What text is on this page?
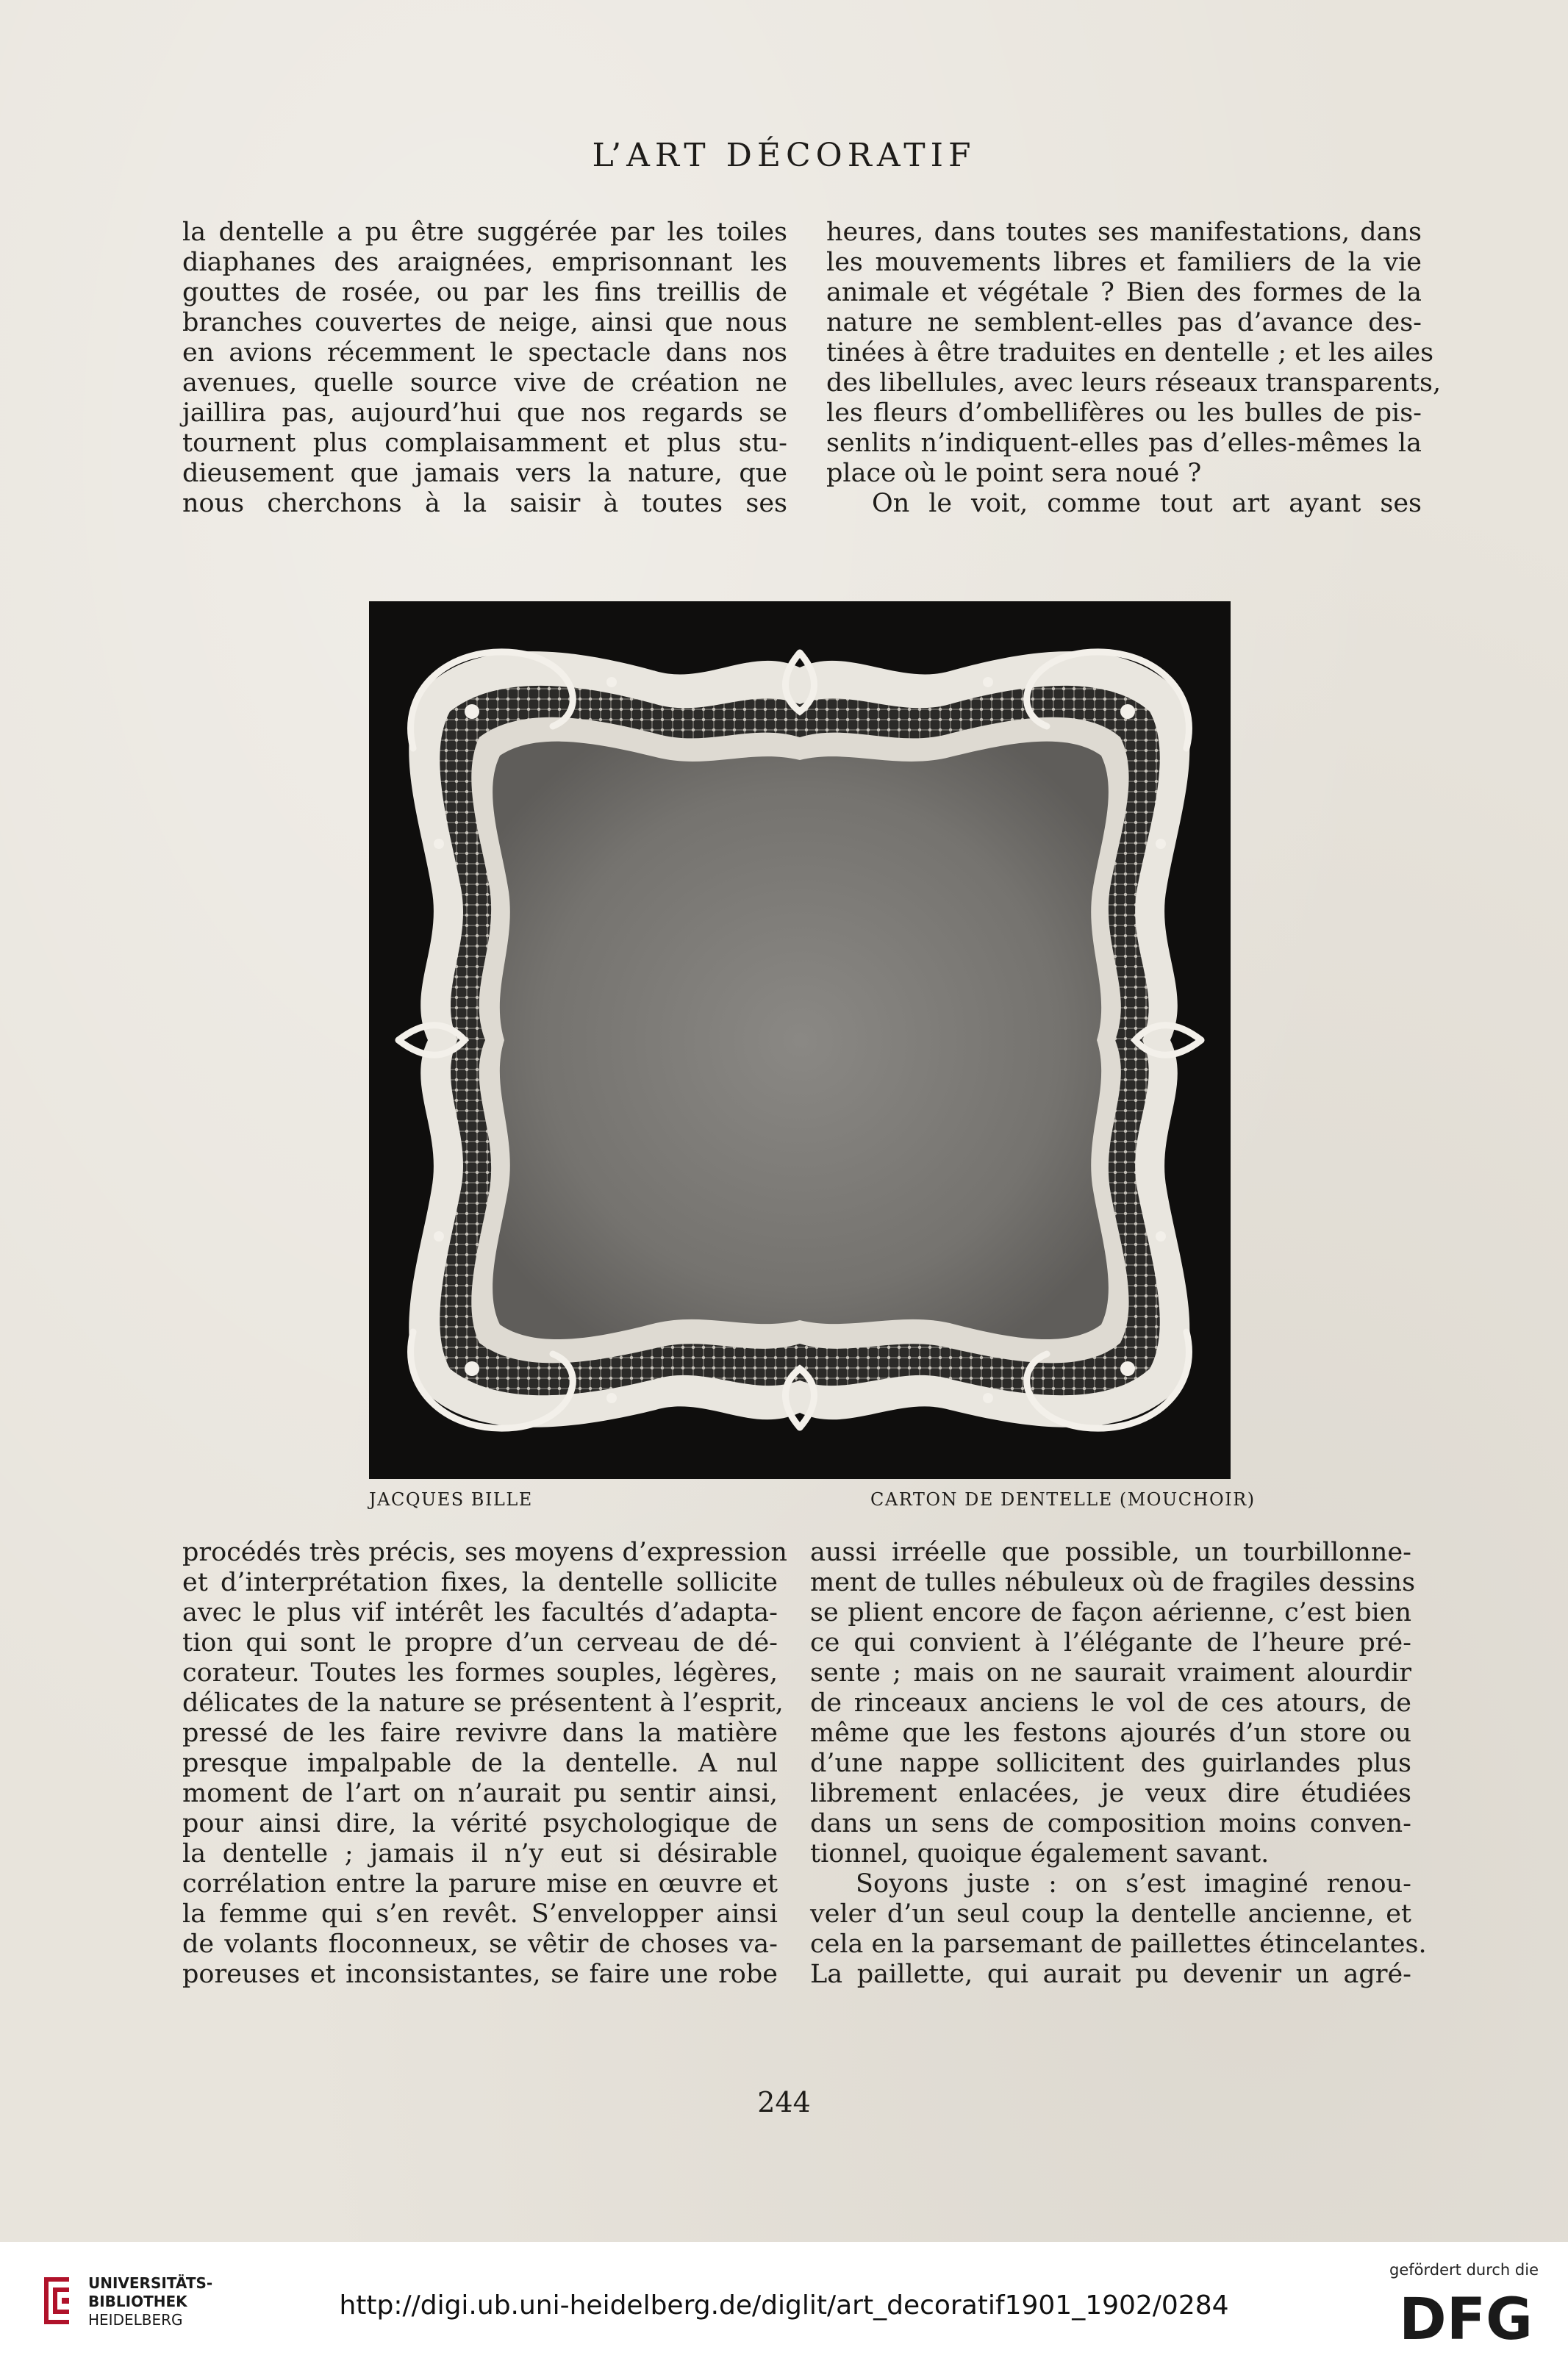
L’ART DÉCORATIF
la dentelle a pu être suggérée par les toiles
diaphanes des araignées, emprisonnant les
gouttes de rosée, ou par les fins treillis de
branches couvertes de neige, ainsi que nous
en avions récemment le spectacle dans nos
avenues, quelle source vive de création ne
jaillira pas, aujourd’hui que nos regards se
tournent plus complaisamment et plus stu-
dieusement que jamais vers la nature, que
nous cherchons à la saisir à toutes ses
heures, dans toutes ses manifestations, dans
les mouvements libres et familiers de la vie
animale et végétale ? Bien des formes de la
nature ne semblent-elles pas d’avance des-
tinées à être traduites en dentelle ; et les ailes
des libellules, avec leurs réseaux transparents,
les fleurs d’ombellifères ou les bulles de pis-
senlits n’indiquent-elles pas d’elles-mêmes la
place où le point sera noué ?
On le voit, comme tout art ayant ses
JACQUES BILLE	CARTON DE DENTELLE (MOUCHOIR)
procédés très précis, ses moyens d’expression
et d’interprétation fixes, la dentelle sollicite
avec le plus vif intérêt les facultés d’adapta-
tion qui sont le propre d’un cerveau de dé-
corateur. Toutes les formes souples, légères,
délicates de la nature se présentent à l’esprit,
pressé de les faire revivre dans la matière
presque impalpable de la dentelle. A nul
moment de l’art on n’aurait pu sentir ainsi,
pour ainsi dire, la vérité psychologique de
la dentelle ; jamais il n’y eut si désirable
corrélation entre la parure mise en œuvre et
la femme qui s’en revêt. S’envelopper ainsi
de volants floconneux, se vêtir de choses va-
poreuses et inconsistantes, se faire une robe
aussi irréelle que possible, un tourbillonne-
ment de tulles nébuleux où de fragiles dessins
se plient encore de façon aérienne, c’est bien
ce qui convient à l’élégante de l’heure pré-
sente ; mais on ne saurait vraiment alourdir
de rinceaux anciens le vol de ces atours, de
même que les festons ajourés d’un store ou
d’une nappe sollicitent des guirlandes plus
librement enlacées, je veux dire étudiées
dans un sens de composition moins conven-
tionnel, quoique également savant.
Soyons juste : on s’est imaginé renou-
veler d’un seul coup la dentelle ancienne, et
cela en la parsemant de paillettes étincelantes.
La paillette, qui aurait pu devenir un agré-
244
UNIVERSITÄTS-
BIBLIOTHEK
HEIDELBERG	http://digi.ub.uni-heidelberg.de/diglit/art_decoratif1901_1902/0284
gefördert durch die
DFG
